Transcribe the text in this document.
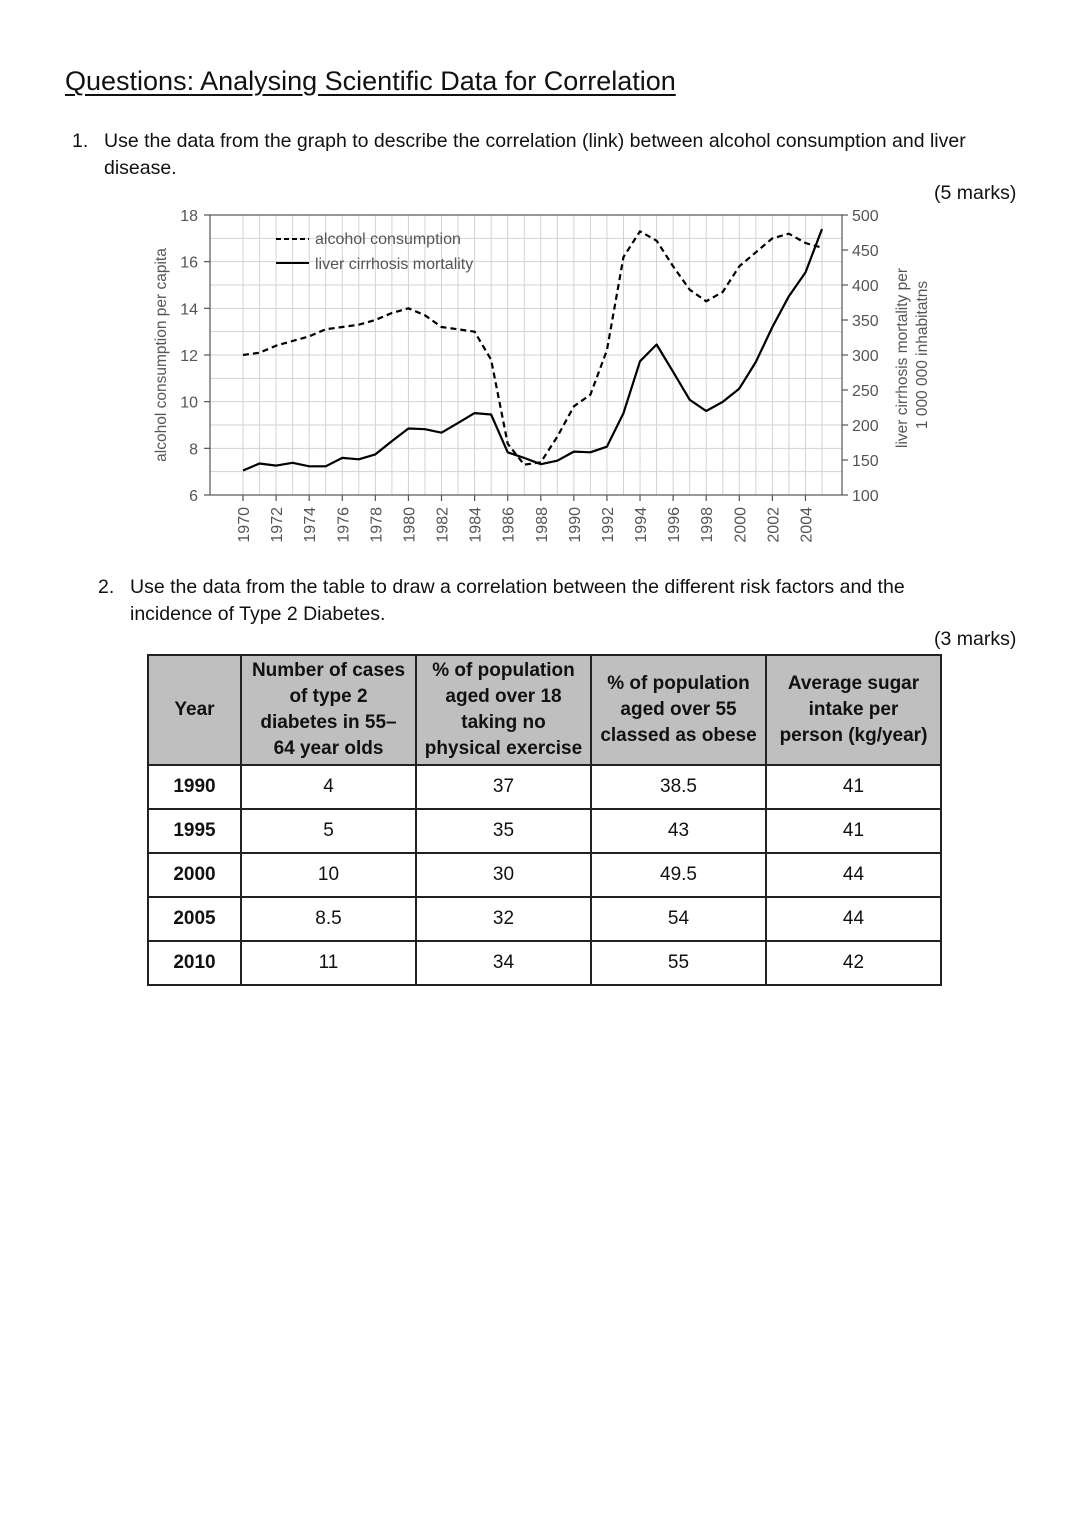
Questions: Analysing Scientific Data for Correlation
1. Use the data from the graph to describe the correlation (link) between alcohol consumption and liver
disease.
(5 marks)
6
8
10
12
14
16
18
100
150
200
250
300
350
400
450
500
1970 1972 1974 1976 1978 1980 1982 1984 1986 1988 1990 1992 1994 1996 1998 2000 2002 2004
alcohol consumption
liver cirrhosis mortality
alcohol consumption per capita	liver cirrhosis mortality per 1 000 000 inhabitatns
2. Use the data from the table to draw a correlation between the different risk factors and the
incidence of Type 2 Diabetes.
(3 marks)
Year	Number of cases
of type 2
diabetes in 55–
64 year olds	% of population
aged over 18
taking no
physical exercise	% of population
aged over 55
classed as obese	Average sugar
intake per
person (kg/year)
1990	4	37	38.5	41
1995	5	35	43	41
2000	10	30	49.5	44
2005	8.5	32	54	44
2010	11	34	55	42
